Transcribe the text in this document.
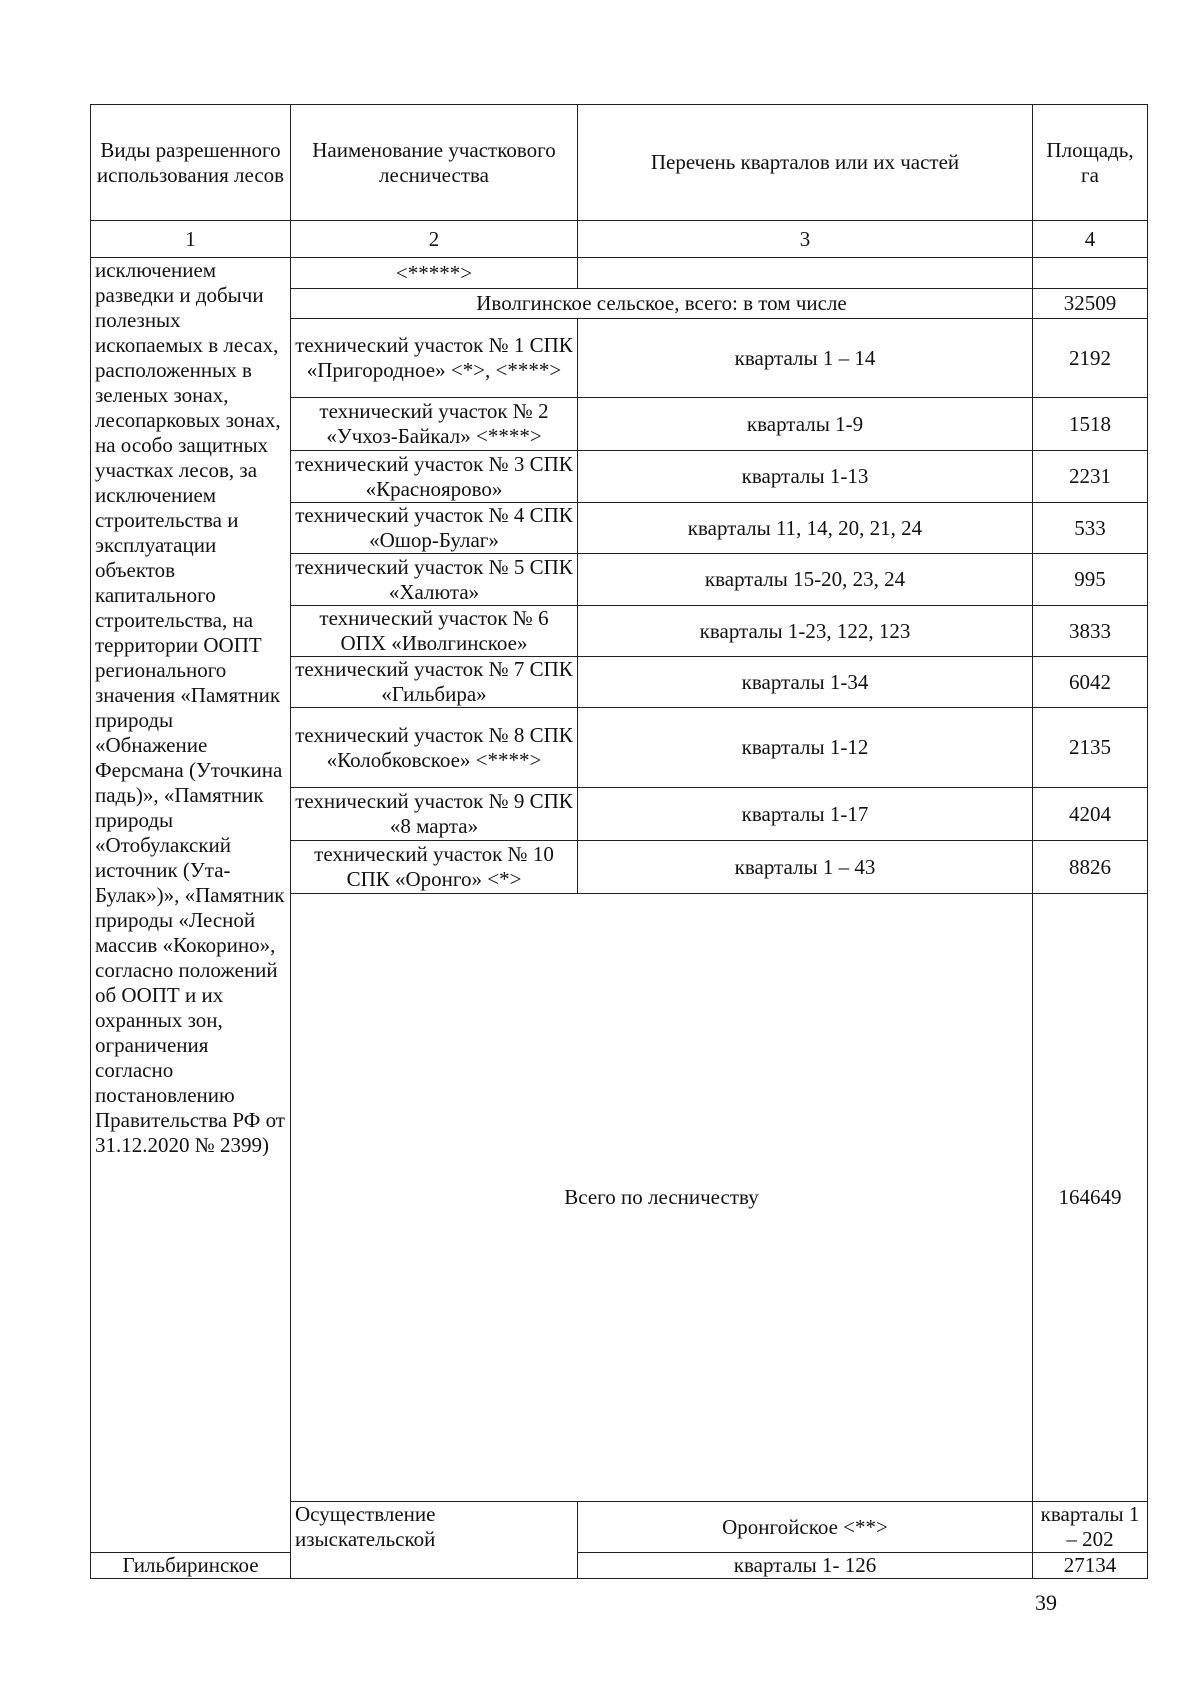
Виды разрешенного использования лесов	Наименование участкового лесничества	Перечень кварталов или их частей	Площадь, га	
1	2	3	4	
исключением разведки и добычи полезных ископаемых в лесах, расположенных в зеленых зонах, лесопарковых зонах, на особо защитных участках лесов, за исключением строительства и эксплуатации объектов капитального строительства, на территории ООПТ регионального значения «Памятник природы «Обнажение Ферсмана (Уточкина падь)», «Памятник природы «Отобулакский источник (Ута-Булак»)», «Памятник природы «Лесной массив «Кокорино», согласно положений об ООПТ и их охранных зон, ограничения согласно постановлению Правительства РФ от 31.12.2020 № 2399)	<*****>			
	Иволгинское сельское, всего: в том числе		32509	
	технический участок № 1 СПК «Пригородное» <*>, <****>	кварталы 1 – 14	2192	
	технический участок № 2 «Учхоз-Байкал» <****>	кварталы 1-9	1518	
	технический участок № 3 СПК «Краснoярово»	кварталы 1-13	2231	
	технический участок № 4 СПК «Ошор-Булаг»	кварталы 11, 14, 20, 21, 24	533	
	технический участок № 5 СПК «Халюта»	кварталы 15-20, 23, 24	995	
	технический участок № 6 ОПХ «Иволгинское»	кварталы 1-23, 122, 123	3833	
	технический участок № 7 СПК «Гильбира»	кварталы 1-34	6042	
	технический участок № 8 СПК «Колобковское» <****>	кварталы 1-12	2135	
	технический участок № 9 СПК «8 марта»	кварталы 1-17	4204	
	технический участок № 10 СПК «Оронго» <*>	кварталы 1 – 43	8826	
	Всего по лесничеству		164649	
	Осуществление изыскательской	Оронгойское <**>	кварталы 1 – 202	
Гильбиринское		кварталы 1- 126	27134	
39
